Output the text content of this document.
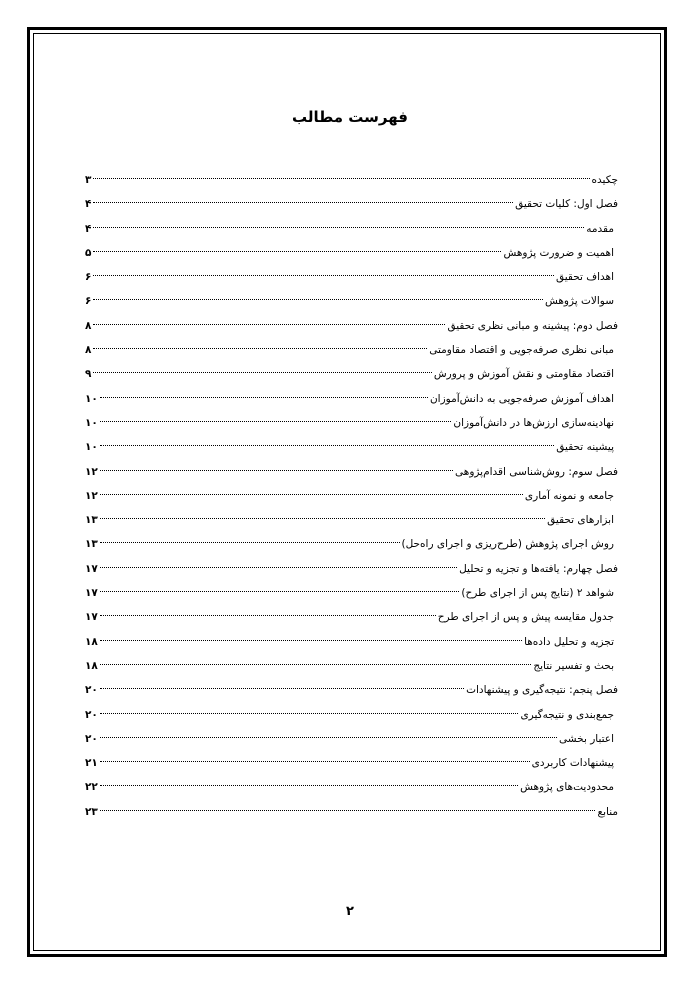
فهرست مطالب
چکیده
۳
فصل اول: کلیات تحقیق
۴
مقدمه
۴
اهمیت و ضرورت پژوهش
۵
اهداف تحقیق
۶
سوالات پژوهش
۶
فصل دوم: پیشینه و مبانی نظری تحقیق
۸
مبانی نظری صرفه‌جویی و اقتصاد مقاومتی
۸
اقتصاد مقاومتی و نقش آموزش و پرورش
۹
اهداف آموزش صرفه‌جویی به دانش‌آموزان
۱۰
نهادینه‌سازی ارزش‌ها در دانش‌آموزان
۱۰
پیشینه تحقیق
۱۰
فصل سوم: روش‌شناسی اقدام‌پژوهی
۱۲
جامعه و نمونه آماری
۱۲
ابزارهای تحقیق
۱۳
روش اجرای پژوهش (طرح‌ریزی و اجرای راه‌حل)
۱۳
فصل چهارم: یافته‌ها و تجزیه و تحلیل
۱۷
شواهد ۲ (نتایج پس از اجرای طرح)
۱۷
جدول مقایسه پیش و پس از اجرای طرح
۱۷
تجزیه و تحلیل داده‌ها
۱۸
بحث و تفسیر نتایج
۱۸
فصل پنجم: نتیجه‌گیری و پیشنهادات
۲۰
جمع‌بندی و نتیجه‌گیری
۲۰
اعتبار بخشی
۲۰
پیشنهادات کاربردی
۲۱
محدودیت‌های پژوهش
۲۲
منابع
۲۳
۲
